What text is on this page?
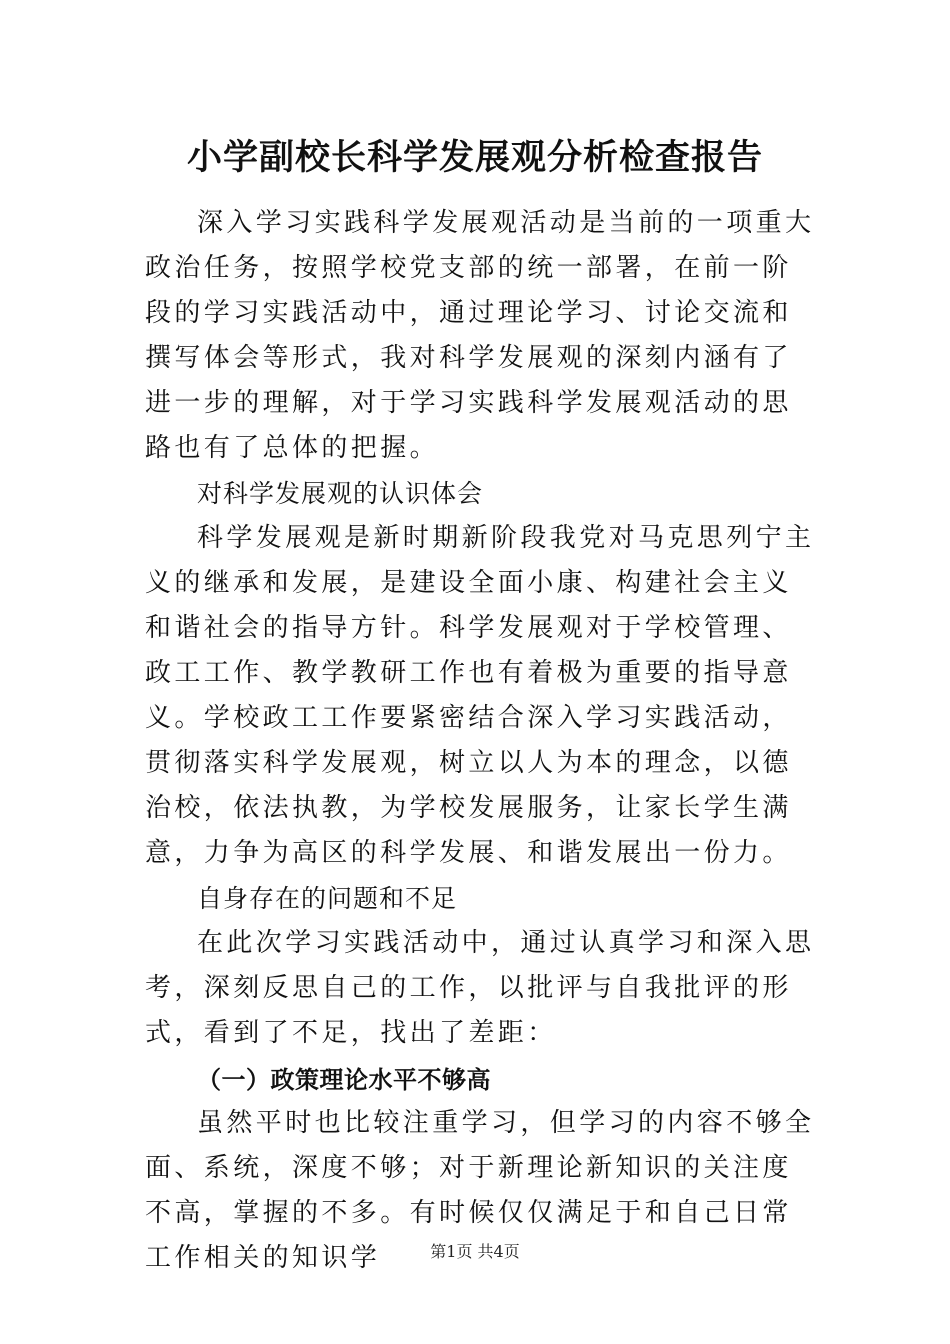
小学副校长科学发展观分析检查报告

深入学习实践科学发展观活动是当前的一项重大政治任务，按照学校党支部的统一部署，在前一阶段的学习实践活动中，通过理论学习、讨论交流和撰写体会等形式，我对科学发展观的深刻内涵有了进一步的理解，对于学习实践科学发展观活动的思路也有了总体的把握。

对科学发展观的认识体会

科学发展观是新时期新阶段我党对马克思列宁主义的继承和发展，是建设全面小康、构建社会主义和谐社会的指导方针。科学发展观对于学校管理、政工工作、教学教研工作也有着极为重要的指导意义。学校政工工作要紧密结合深入学习实践活动，贯彻落实科学发展观，树立以人为本的理念，以德治校，依法执教，为学校发展服务，让家长学生满意，力争为高区的科学发展、和谐发展出一份力。

自身存在的问题和不足

在此次学习实践活动中，通过认真学习和深入思考，深刻反思自己的工作，以批评与自我批评的形式，看到了不足，找出了差距：

（一）政策理论水平不够高

虽然平时也比较注重学习，但学习的内容不够全面、系统，深度不够；对于新理论新知识的关注度不高，掌握的不多。有时候仅仅满足于和自己日常工作相关的知识学	第1页 共4页
